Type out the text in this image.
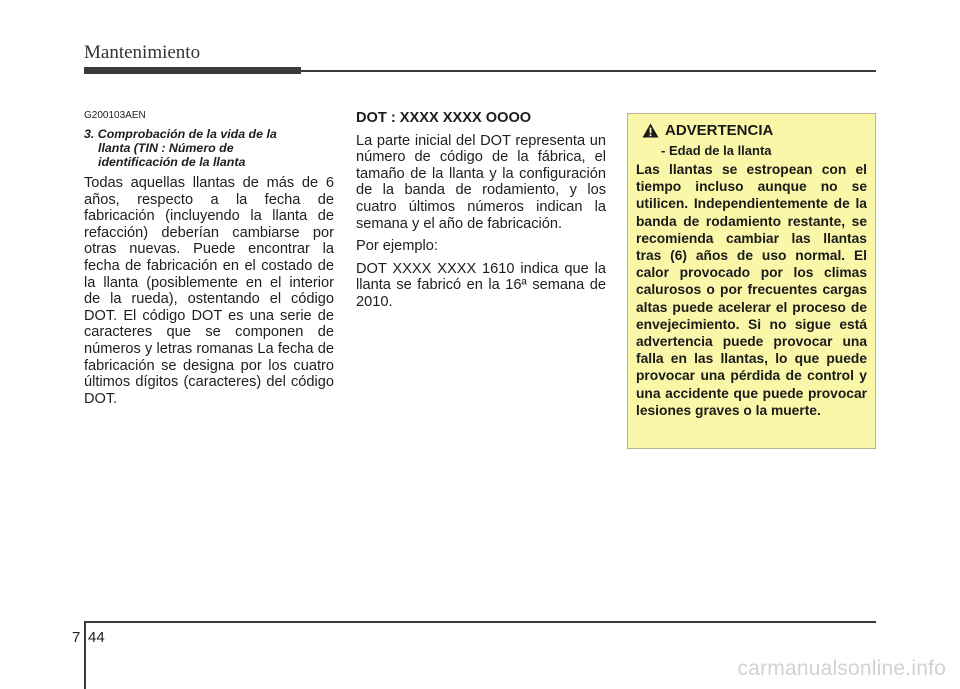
Mantenimiento
G200103AEN
3. Comprobación de la vida de la
llanta (TIN : Número de
identificación de la llanta

Todas aquellas llantas de más de 6 años, respecto a la fecha de fabricación (incluyendo la llanta de refacción) deberían cambiarse por otras nuevas. Puede encontrar la fecha de fabricación en el costado de la llanta (posiblemente en el interior de la rueda), ostentando el código DOT. El código DOT es una serie de caracteres que se componen de números y letras romanas La fecha de fabricación se designa por los cuatro últimos dígitos (caracteres) del código DOT.

DOT : XXXX XXXX OOOO

La parte inicial del DOT representa un número de código de la fábrica, el tamaño de la llanta y la configuración de la banda de rodamiento, y los cuatro últimos números indican la semana y el año de fabricación.

Por ejemplo:

DOT XXXX XXXX 1610 indica que la llanta se fabricó en la 16ª semana de 2010.

ADVERTENCIA
- Edad de la llanta
Las llantas se estropean con el tiempo incluso aunque no se utilicen. Independientemente de la banda de rodamiento restante, se recomienda cambiar las llantas tras (6) años de uso normal. El calor provocado por los climas calurosos o por frecuentes cargas altas puede acelerar el proceso de envejecimiento. Si no sigue está advertencia puede provocar una falla en las llantas, lo que puede provocar una pérdida de control y una accidente que puede provocar lesiones graves o la muerte.
7 44
carmanualsonline.info
